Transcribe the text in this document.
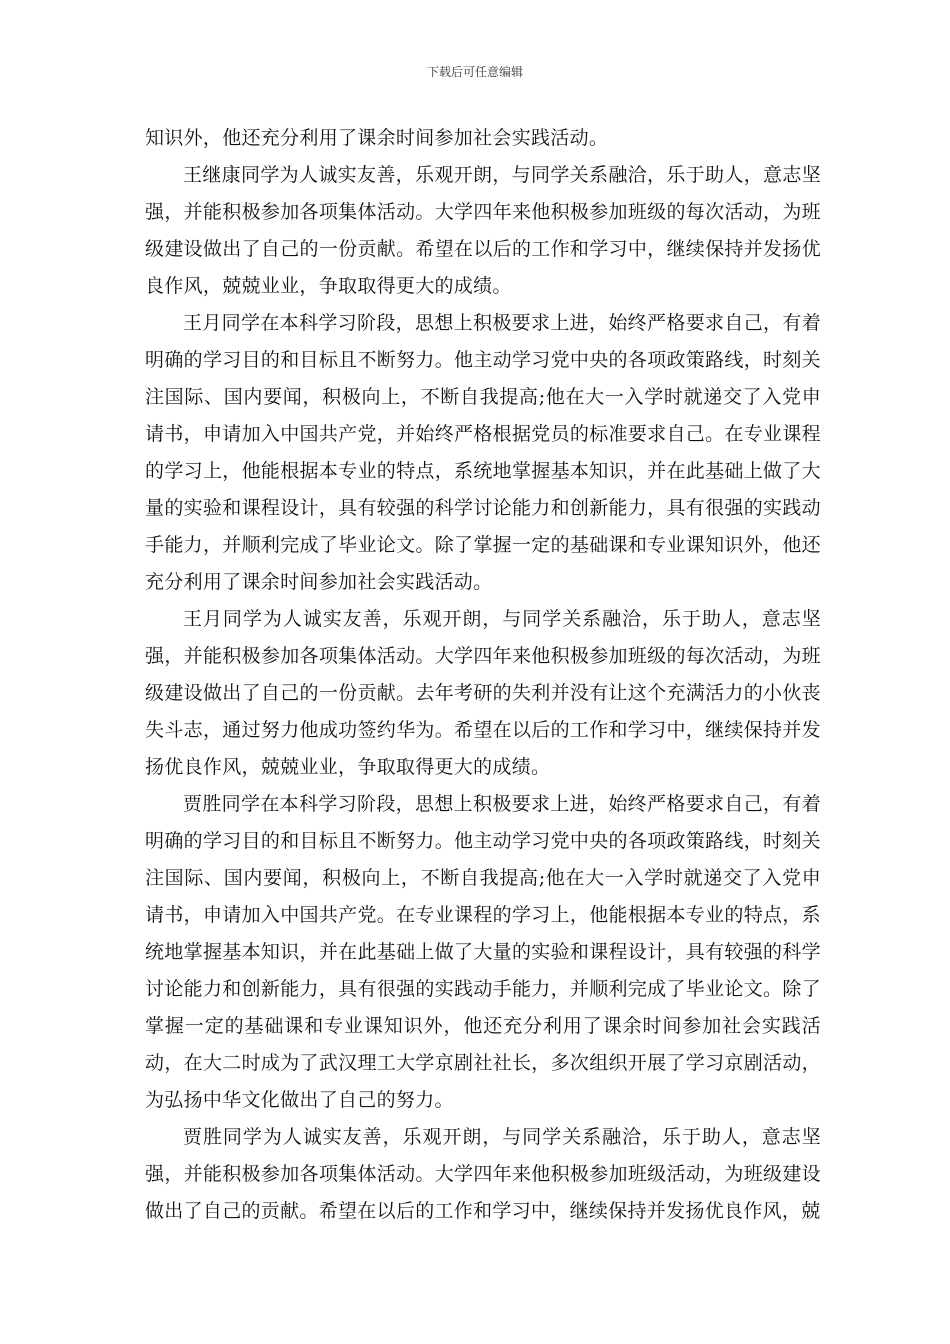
下载后可任意编辑

知识外，他还充分利用了课余时间参加社会实践活动。

王继康同学为人诚实友善，乐观开朗，与同学关系融洽，乐于助人，意志坚强，并能积极参加各项集体活动。大学四年来他积极参加班级的每次活动，为班级建设做出了自己的一份贡献。希望在以后的工作和学习中，继续保持并发扬优良作风，兢兢业业，争取取得更大的成绩。

王月同学在本科学习阶段，思想上积极要求上进，始终严格要求自己，有着明确的学习目的和目标且不断努力。他主动学习党中央的各项政策路线，时刻关注国际、国内要闻，积极向上，不断自我提高;他在大一入学时就递交了入党申请书，申请加入中国共产党，并始终严格根据党员的标准要求自己。在专业课程的学习上，他能根据本专业的特点，系统地掌握基本知识，并在此基础上做了大量的实验和课程设计，具有较强的科学讨论能力和创新能力，具有很强的实践动手能力，并顺利完成了毕业论文。除了掌握一定的基础课和专业课知识外，他还充分利用了课余时间参加社会实践活动。

王月同学为人诚实友善，乐观开朗，与同学关系融洽，乐于助人，意志坚强，并能积极参加各项集体活动。大学四年来他积极参加班级的每次活动，为班级建设做出了自己的一份贡献。去年考研的失利并没有让这个充满活力的小伙丧失斗志，通过努力他成功签约华为。希望在以后的工作和学习中，继续保持并发扬优良作风，兢兢业业，争取取得更大的成绩。

贾胜同学在本科学习阶段，思想上积极要求上进，始终严格要求自己，有着明确的学习目的和目标且不断努力。他主动学习党中央的各项政策路线，时刻关注国际、国内要闻，积极向上，不断自我提高;他在大一入学时就递交了入党申请书，申请加入中国共产党。在专业课程的学习上，他能根据本专业的特点，系统地掌握基本知识，并在此基础上做了大量的实验和课程设计，具有较强的科学讨论能力和创新能力，具有很强的实践动手能力，并顺利完成了毕业论文。除了掌握一定的基础课和专业课知识外，他还充分利用了课余时间参加社会实践活动，在大二时成为了武汉理工大学京剧社社长，多次组织开展了学习京剧活动，为弘扬中华文化做出了自己的努力。

贾胜同学为人诚实友善，乐观开朗，与同学关系融洽，乐于助人，意志坚强，并能积极参加各项集体活动。大学四年来他积极参加班级活动，为班级建设做出了自己的贡献。希望在以后的工作和学习中，继续保持并发扬优良作风，兢
